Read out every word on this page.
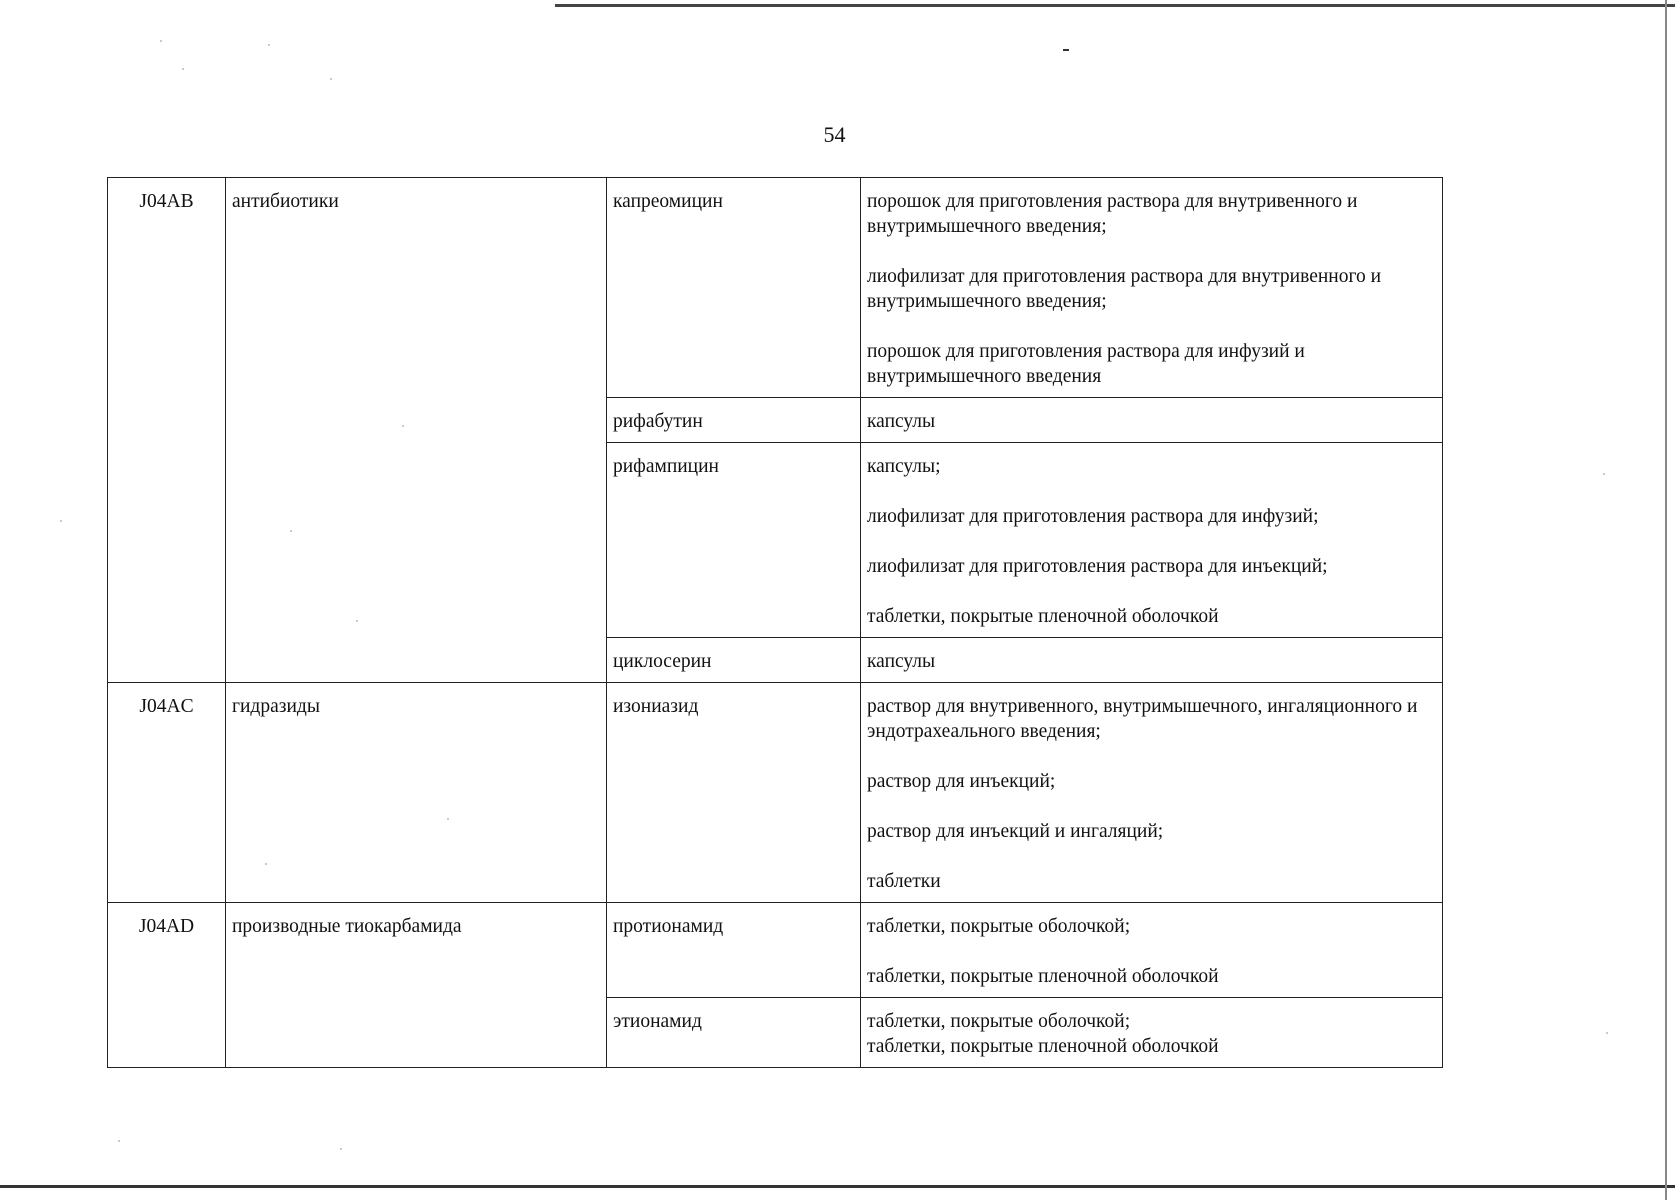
54
J04AB	антибиотики	капреомицин	порошок для приготовления раствора для внутривенного и внутримышечного введения;
лиофилизат для приготовления раствора для внутривенного и внутримышечного введения;
порошок для приготовления раствора для инфузий и внутримышечного введения

		рифабутин	капсулы

		рифампицин	капсулы;
лиофилизат для приготовления раствора для инфузий;
лиофилизат для приготовления раствора для инъекций;
таблетки, покрытые пленочной оболочкой

		циклосерин	капсулы

J04AC	гидразиды	изониазид	раствор для внутривенного, внутримышечного, ингаляционного и эндотрахеального введения;
раствор для инъекций;
раствор для инъекций и ингаляций;
таблетки

J04AD	производные тиокарбамида	протионамид	таблетки, покрытые оболочкой;
таблетки, покрытые пленочной оболочкой

		этионамид	таблетки, покрытые оболочкой;
таблетки, покрытые пленочной оболочкой
